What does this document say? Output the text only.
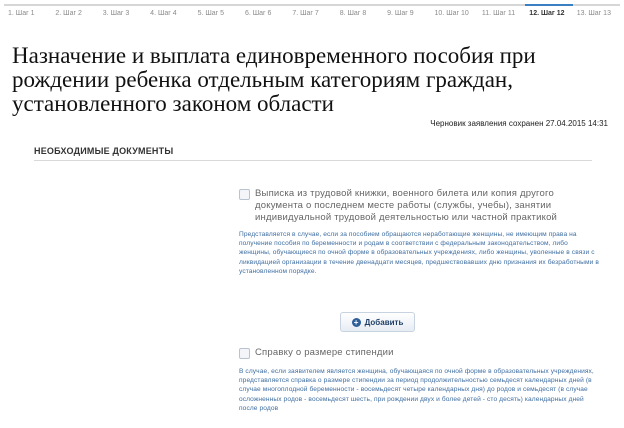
1. Шаг 1	2. Шаг 2	3. Шаг 3	4. Шаг 4	5. Шаг 5	6. Шаг 6	7. Шаг 7	8. Шаг 8	9. Шаг 9	10. Шаг 10	11. Шаг 11	12. Шаг 12	13. Шаг 13
Назначение и выплата единовременного пособия при рождении ребенка отдельным категориям граждан, установленного законом области
Черновик заявления сохранен 27.04.2015 14:31
НЕОБХОДИМЫЕ ДОКУМЕНТЫ
Выписка из трудовой книжки, военного билета или копия другого документа о последнем месте работы (службы, учебы), занятии индивидуальной трудовой деятельностью или частной практикой
Представляется в случае, если за пособием обращаются неработающие женщины, не имеющим права на получение пособия по беременности и родам в соответствии с федеральным законодательством, либо женщины, обучающиеся по очной форме в образовательных учреждениях, либо женщины, уволенные в связи с ликвидацией организации в течение двенадцати месяцев, предшествовавших дню признания их безработными в установленном порядке.
+ Добавить
Справку о размере стипендии
В случае, если заявителем является женщина, обучающаяся по очной форме в образовательных учреждениях, представляется справка о размере стипендии за период продолжительностью семьдесят календарных дней (в случае многоплодной беременности - восемьдесят четыре календарных дня) до родов и семьдесят (в случае осложненных родов - восемьдесят шесть, при рождении двух и более детей - сто десять) календарных дней после родов
